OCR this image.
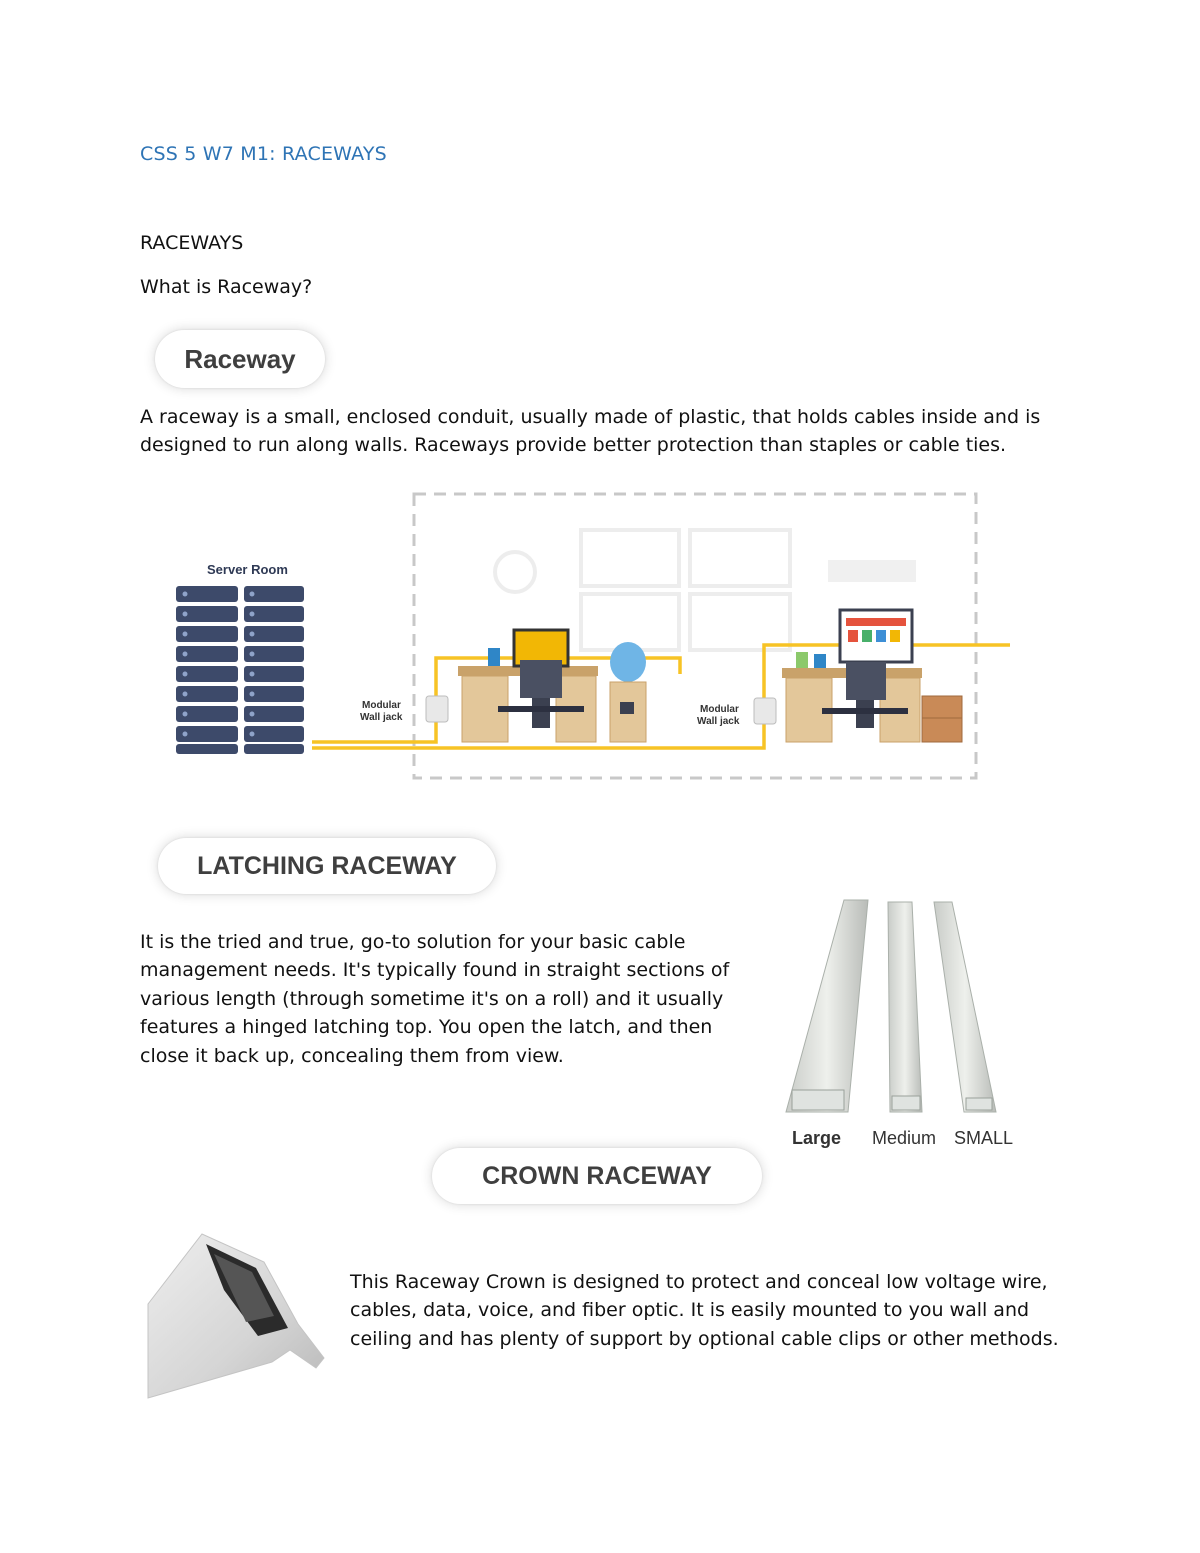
CSS 5 W7 M1: RACEWAYS
RACEWAYS
What is Raceway?
Raceway
A raceway is a small, enclosed conduit, usually made of plastic, that holds cables inside and is designed to run along walls. Raceways provide better protection than staples or cable ties.
Server Room
Modular
Wall jack
Modular
Wall jack
LATCHING RACEWAY
It is the tried and true, go-to solution for your basic cable management needs. It's typically found in straight sections of various length (through sometime it's on a roll) and it usually features a hinged latching top. You open the latch, and then close it back up, concealing them from view.
Large Medium SMALL
CROWN RACEWAY
This Raceway Crown is designed to protect and conceal low voltage wire, cables, data, voice, and fiber optic. It is easily mounted to you wall and ceiling and has plenty of support by optional cable clips or other methods.
